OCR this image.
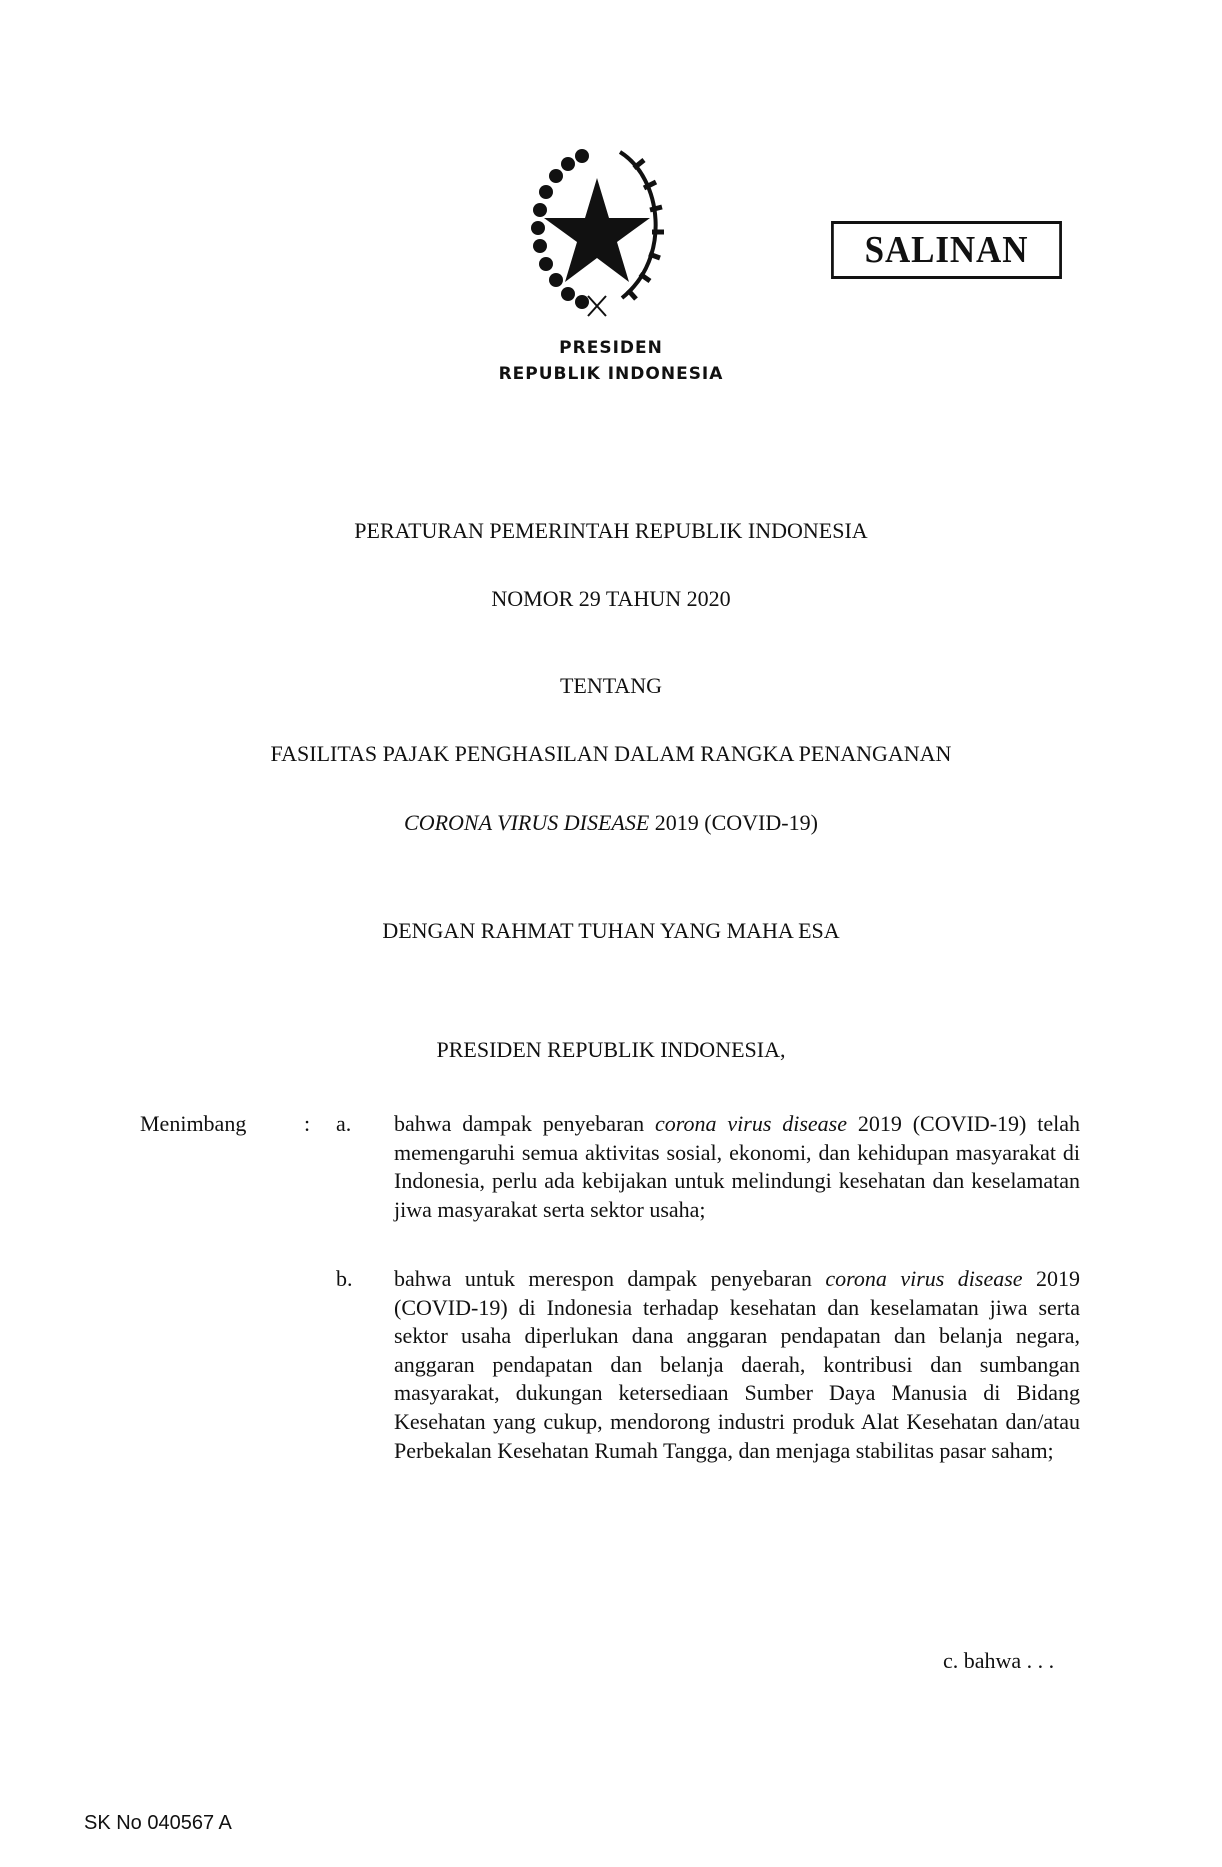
SALINAN
PRESIDEN
REPUBLIK INDONESIA
PERATURAN PEMERINTAH REPUBLIK INDONESIA
NOMOR 29 TAHUN 2020
TENTANG
FASILITAS PAJAK PENGHASILAN DALAM RANGKA PENANGANAN
CORONA VIRUS DISEASE 2019 (COVID-19)
DENGAN RAHMAT TUHAN YANG MAHA ESA
PRESIDEN REPUBLIK INDONESIA,
Menimbang	: a. bahwa dampak penyebaran corona virus disease 2019 (COVID-19) telah memengaruhi semua aktivitas sosial, ekonomi, dan kehidupan masyarakat di Indonesia, perlu ada kebijakan untuk melindungi kesehatan dan keselamatan jiwa masyarakat serta sektor usaha;
b. bahwa untuk merespon dampak penyebaran corona virus disease 2019 (COVID-19) di Indonesia terhadap kesehatan dan keselamatan jiwa serta sektor usaha diperlukan dana anggaran pendapatan dan belanja negara, anggaran pendapatan dan belanja daerah, kontribusi dan sumbangan masyarakat, dukungan ketersediaan Sumber Daya Manusia di Bidang Kesehatan yang cukup, mendorong industri produk Alat Kesehatan dan/atau Perbekalan Kesehatan Rumah Tangga, dan menjaga stabilitas pasar saham;
c. bahwa . . .
SK No 040567 A
